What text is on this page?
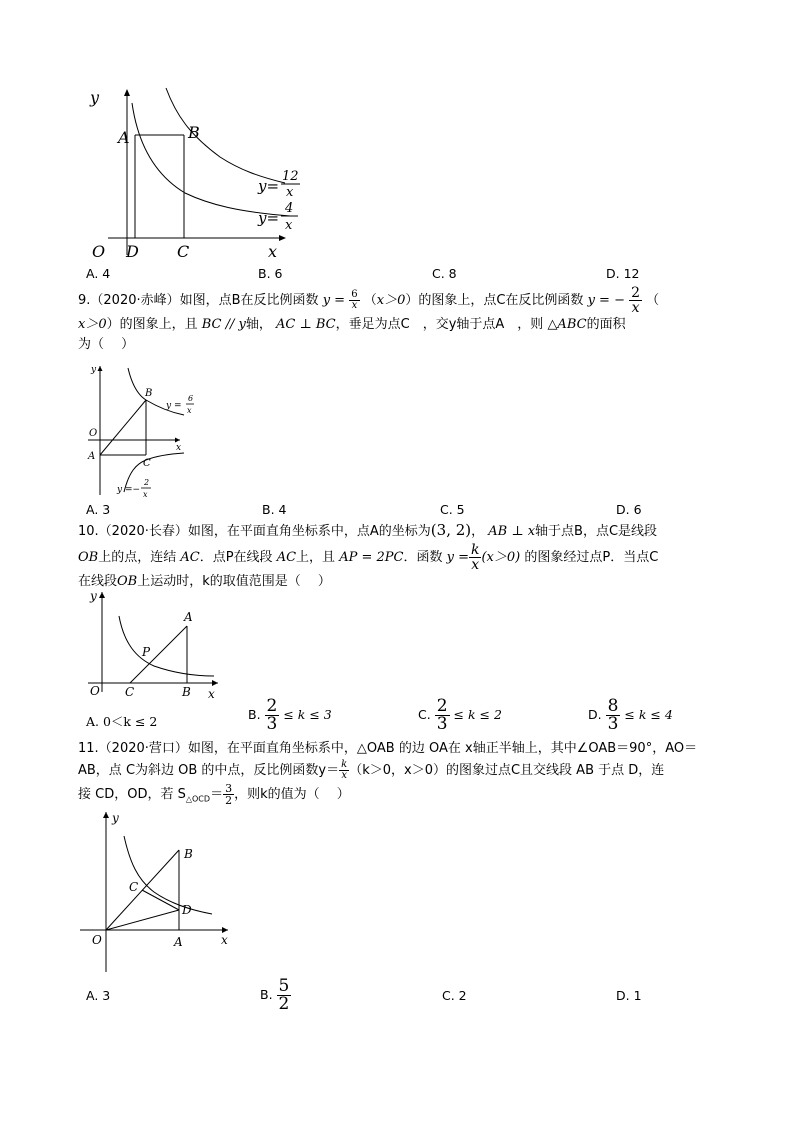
y
x
O
A	B
C
D
y=
12
x
y=
4
x
A. 4	B. 6	C. 8	D. 12
9.（2020·赤峰）如图，点B在反比例函数 $y = \frac{6}{x} (x>0)$的图象上，点C在反比例函数 y = − $\frac{2}{x}$ （
x＞0）的图象上，且 BC // y轴， AC ⊥ BC，垂足为点C　，交y轴于点A　，则 △ABC的面积
为（　 ）
y
x
O
A
B
C
y =
6
x
y =−
2
x
A. 3	B. 4	C. 5	D. 6
10.（2020·长春）如图，在平面直角坐标系中，点A的坐标为(3, 2)， AB ⊥ x轴于点B，点C是线段
OB上的点，连结 AC．点P在线段 AC上，且 AP = 2PC．函数 $y = \frac{k}{x} (x>0)$ 的图象经过点P．当点C
在线段OB上运动时，k的取值范围是（　 ）
y
x
O
A
B
C
P
A. 0＜k ≤ 2	B. $\frac{2}{3} \le k \le 3$	C. $\frac{2}{3} \le k \le 2$	D. $\frac{8}{3} \le k \le 4$
11.（2020·营口）如图，在平面直角坐标系中，△OAB 的边 OA在 x轴正半轴上，其中∠OAB＝90°，AO＝
AB，点 C为斜边 OB 的中点，反比例函数$y= \frac{k}{x} (k>0$，x＞0）的图象过点C且交线段 AB 于点 D，连
接 CD，OD，若 $S_{\triangle OCD}= \frac{3}{2}$ ，则k的值为（　 ）
y
x
O	A
B
C
D
A. 3	B. $\frac{5}{2}$	C. 2	D. 1
